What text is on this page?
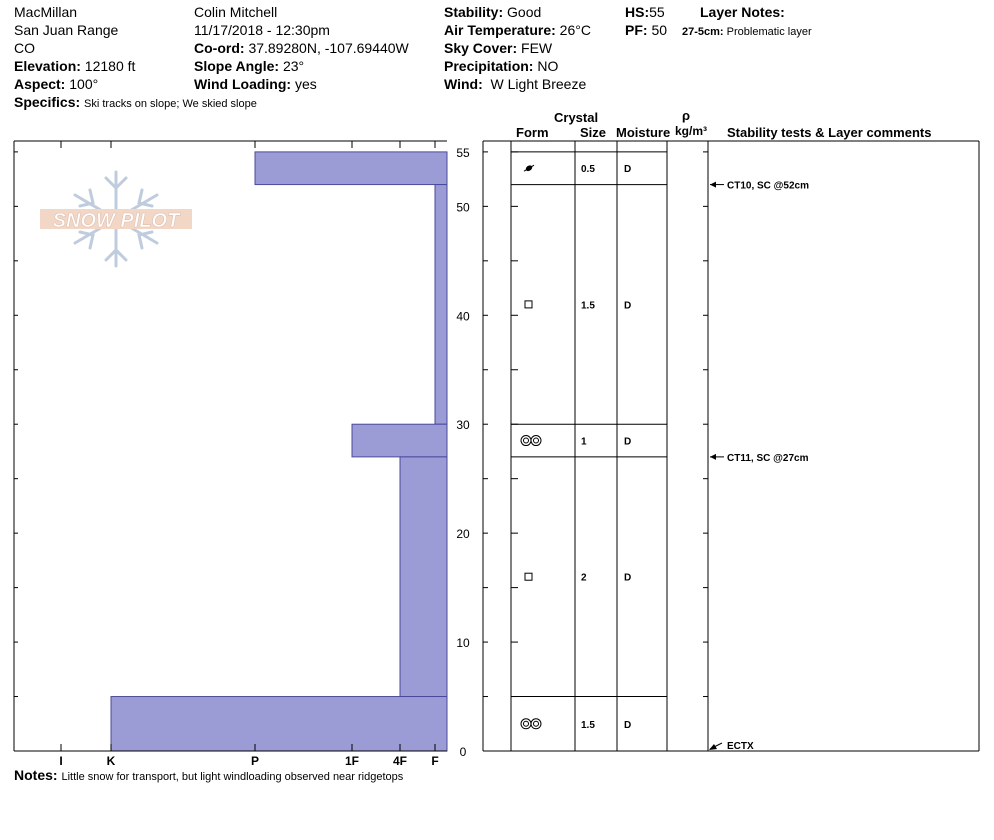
MacMillan
San Juan Range
CO
Elevation: 12180 ft
Aspect: 100°
Specifics: Ski tracks on slope; We skied slope
Colin Mitchell
11/17/2018 - 12:30pm
Co-ord: 37.89280N, -107.69440W
Slope Angle: 23°
Wind Loading: yes
Stability: Good
Air Temperature: 26°C
Sky Cover: FEW
Precipitation: NO
Wind: W Light Breeze
HS:55
PF: 50
Layer Notes:
27-5cm: Problematic layer
Crystal
Form Size Moisture
ρ
kg/m³ Stability tests & Layer comments
Notes: Little snow for transport, but light windloading observed near ridgetops
SNOW PILOT
I	K	P	1F	4F F
0
10
20
30
40
50
55
0.5	D
1.5	D
1	D
2	D
1.5	D
CT10, SC @52cm
CT11, SC @27cm
ECTX
